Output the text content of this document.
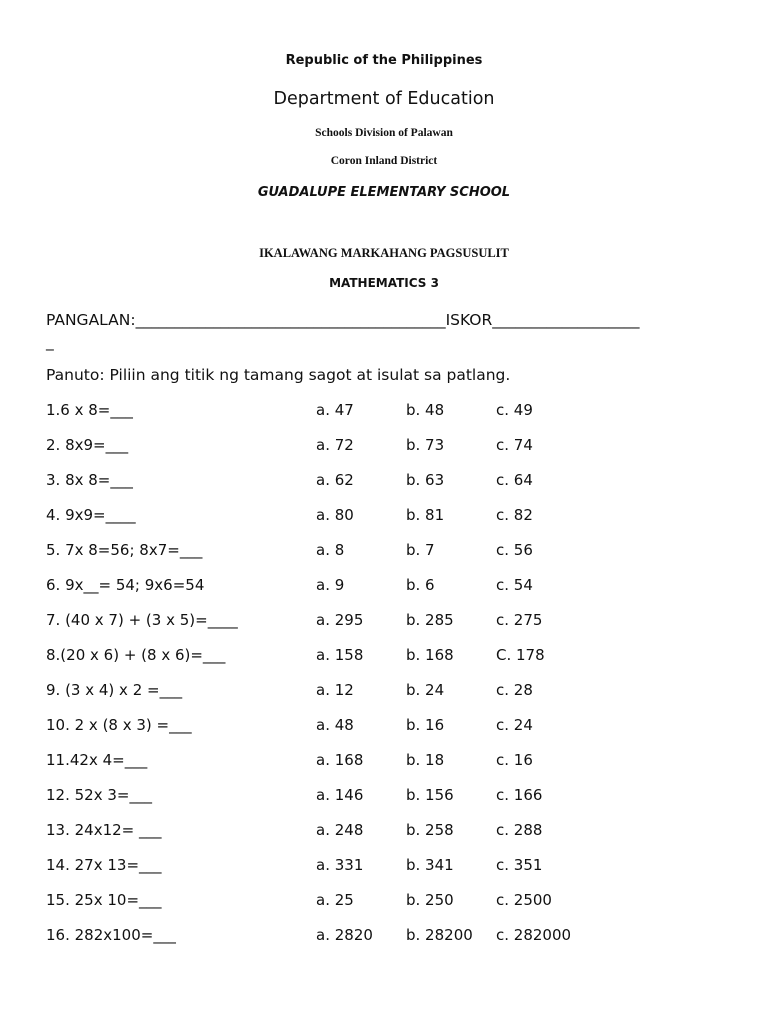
Republic of the Philippines
Department of Education
Schools Division of Palawan
Coron Inland District
GUADALUPE ELEMENTARY SCHOOL
IKALAWANG MARKAHANG PAGSUSULIT
MATHEMATICS 3
PANGALAN:________________________________________ISKOR___________________
_
Panuto: Piliin ang titik ng tamang sagot at isulat sa patlang.
1.6 x 8=___	a. 47	b. 48	c. 49
2. 8x9=___	a. 72	b. 73	c. 74
3. 8x 8=___	a. 62	b. 63	c. 64
4. 9x9=____	a. 80	b. 81	c. 82
5. 7x 8=56; 8x7=___	a. 8	b. 7	c. 56
6. 9x__= 54; 9x6=54	a. 9	b. 6	c. 54
7. (40 x 7) + (3 x 5)=____	a. 295	b. 285	c. 275
8.(20 x 6) + (8 x 6)=___	a. 158	b. 168	C. 178
9. (3 x 4) x 2 =___	a. 12	b. 24	c. 28
10. 2 x (8 x 3) =___	a. 48	b. 16	c. 24
11.42x 4=___	a. 168	b. 18	c. 16
12. 52x 3=___	a. 146	b. 156	c. 166
13. 24x12= ___	a. 248	b. 258	c. 288
14. 27x 13=___	a. 331	b. 341	c. 351
15. 25x 10=___	a. 25	b. 250	c. 2500
16. 282x100=___	a. 2820 b. 28200 c. 282000
